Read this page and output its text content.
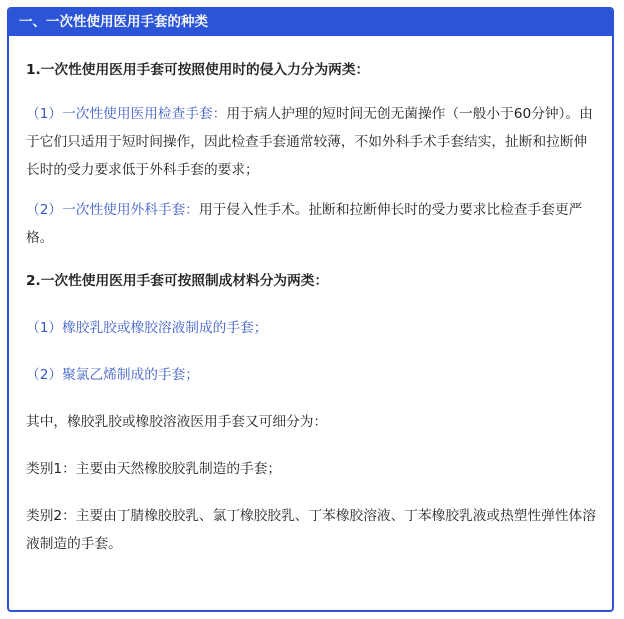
一、一次性使用医用手套的种类

1.一次性使用医用手套可按照使用时的侵入力分为两类：

（1）一次性使用医用检查手套：用于病人护理的短时间无创无菌操作（一般小于60分钟）。由于它们只适用于短时间操作，因此检查手套通常较薄，不如外科手术手套结实，扯断和拉断伸长时的受力要求低于外科手套的要求；

（2）一次性使用外科手套：用于侵入性手术。扯断和拉断伸长时的受力要求比检查手套更严格。

2.一次性使用医用手套可按照制成材料分为两类：

（1）橡胶乳胶或橡胶溶液制成的手套；

（2）聚氯乙烯制成的手套；

其中，橡胶乳胶或橡胶溶液医用手套又可细分为：

类别1：主要由天然橡胶胶乳制造的手套；

类别2：主要由丁腈橡胶胶乳、氯丁橡胶胶乳、丁苯橡胶溶液、丁苯橡胶乳液或热塑性弹性体溶液制造的手套。
